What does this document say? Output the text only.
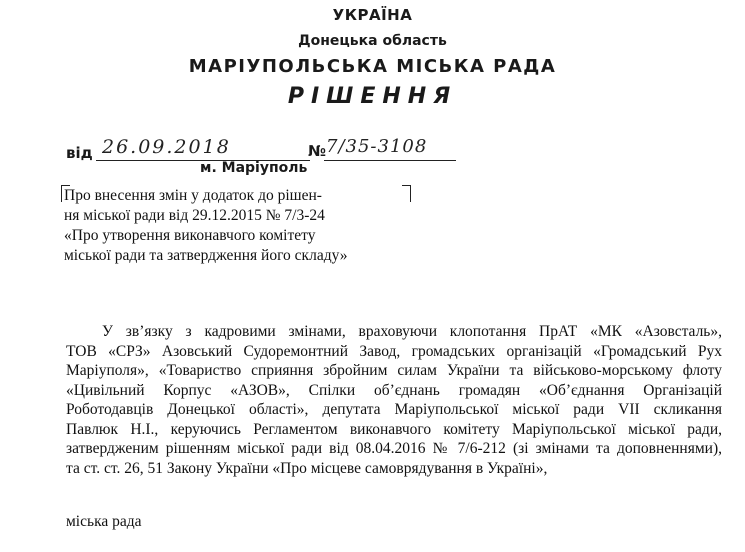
УКРАЇНА
Донецька область
МАРІУПОЛЬСЬКА МІСЬКА РАДА
РІШЕННЯ
від 26.09.2018	№ 7/35-3108
м. Маріуполь
Про внесення змін у додаток до рішен-
ня міської ради від 29.12.2015 № 7/3-24
«Про утворення виконавчого комітету
міської ради та затвердження його складу»
У зв’язку з кадровими змінами, враховуючи клопотання ПрАТ «МК «Азовсталь»,
ТОВ «СРЗ» Азовський Судоремонтний Завод, громадських організацій «Громадський Рух
Маріуполя», «Товариство сприяння збройним силам України та військово-морському флоту
«Цивільний Корпус «АЗОВ», Спілки об’єднань громадян «Об’єднання Організацій
Роботодавців Донецької області», депутата Маріупольської міської ради VII скликання
Павлюк Н.І., керуючись Регламентом виконавчого комітету Маріупольської міської ради,
затвердженим рішенням міської ради від 08.04.2016 № 7/6-212 (зі змінами та доповненнями),
та ст. ст. 26, 51 Закону України «Про місцеве самоврядування в Україні»,
міська рада
